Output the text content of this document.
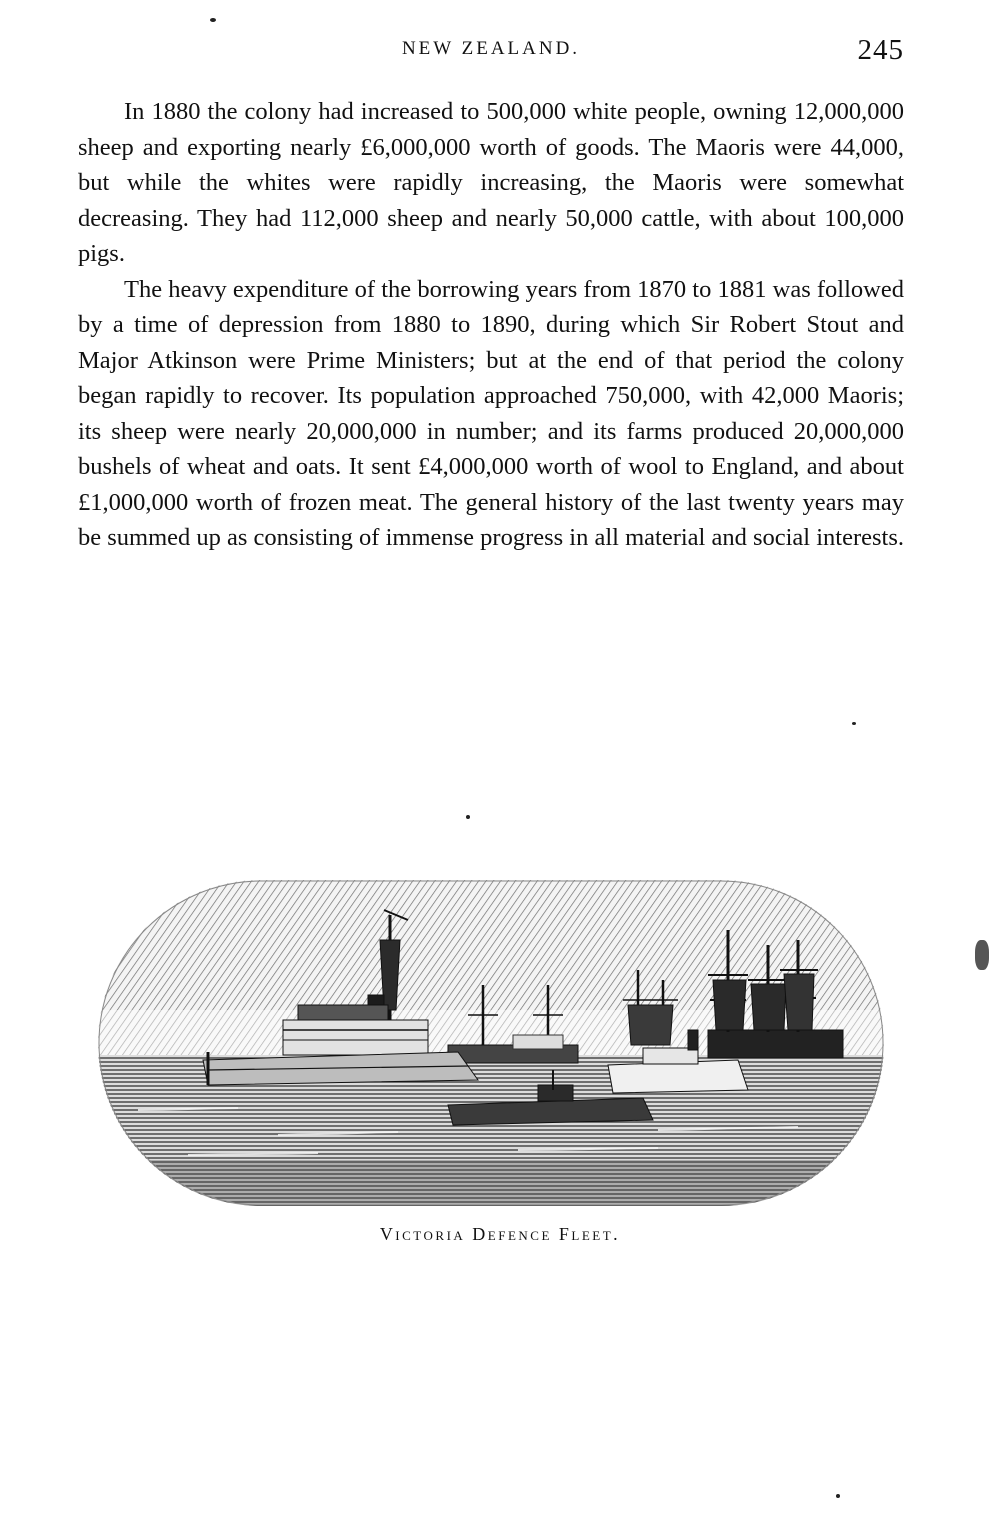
NEW ZEALAND.	245

In 1880 the colony had increased to 500,000 white people, owning 12,000,000 sheep and exporting nearly £6,000,000 worth of goods. The Maoris were 44,000, but while the whites were rapidly increasing, the Maoris were somewhat decreasing. They had 112,000 sheep and nearly 50,000 cattle, with about 100,000 pigs.

The heavy expenditure of the borrowing years from 1870 to 1881 was followed by a time of depression from 1880 to 1890, during which Sir Robert Stout and Major Atkinson were Prime Ministers; but at the end of that period the colony began rapidly to recover. Its population approached 750,000, with 42,000 Maoris; its sheep were nearly 20,000,000 in number; and its farms produced 20,000,000 bushels of wheat and oats. It sent £4,000,000 worth of wool to England, and about £1,000,000 worth of frozen meat. The general history of the last twenty years may be summed up as consisting of immense progress in all material and social interests.

Victoria Defence Fleet.
